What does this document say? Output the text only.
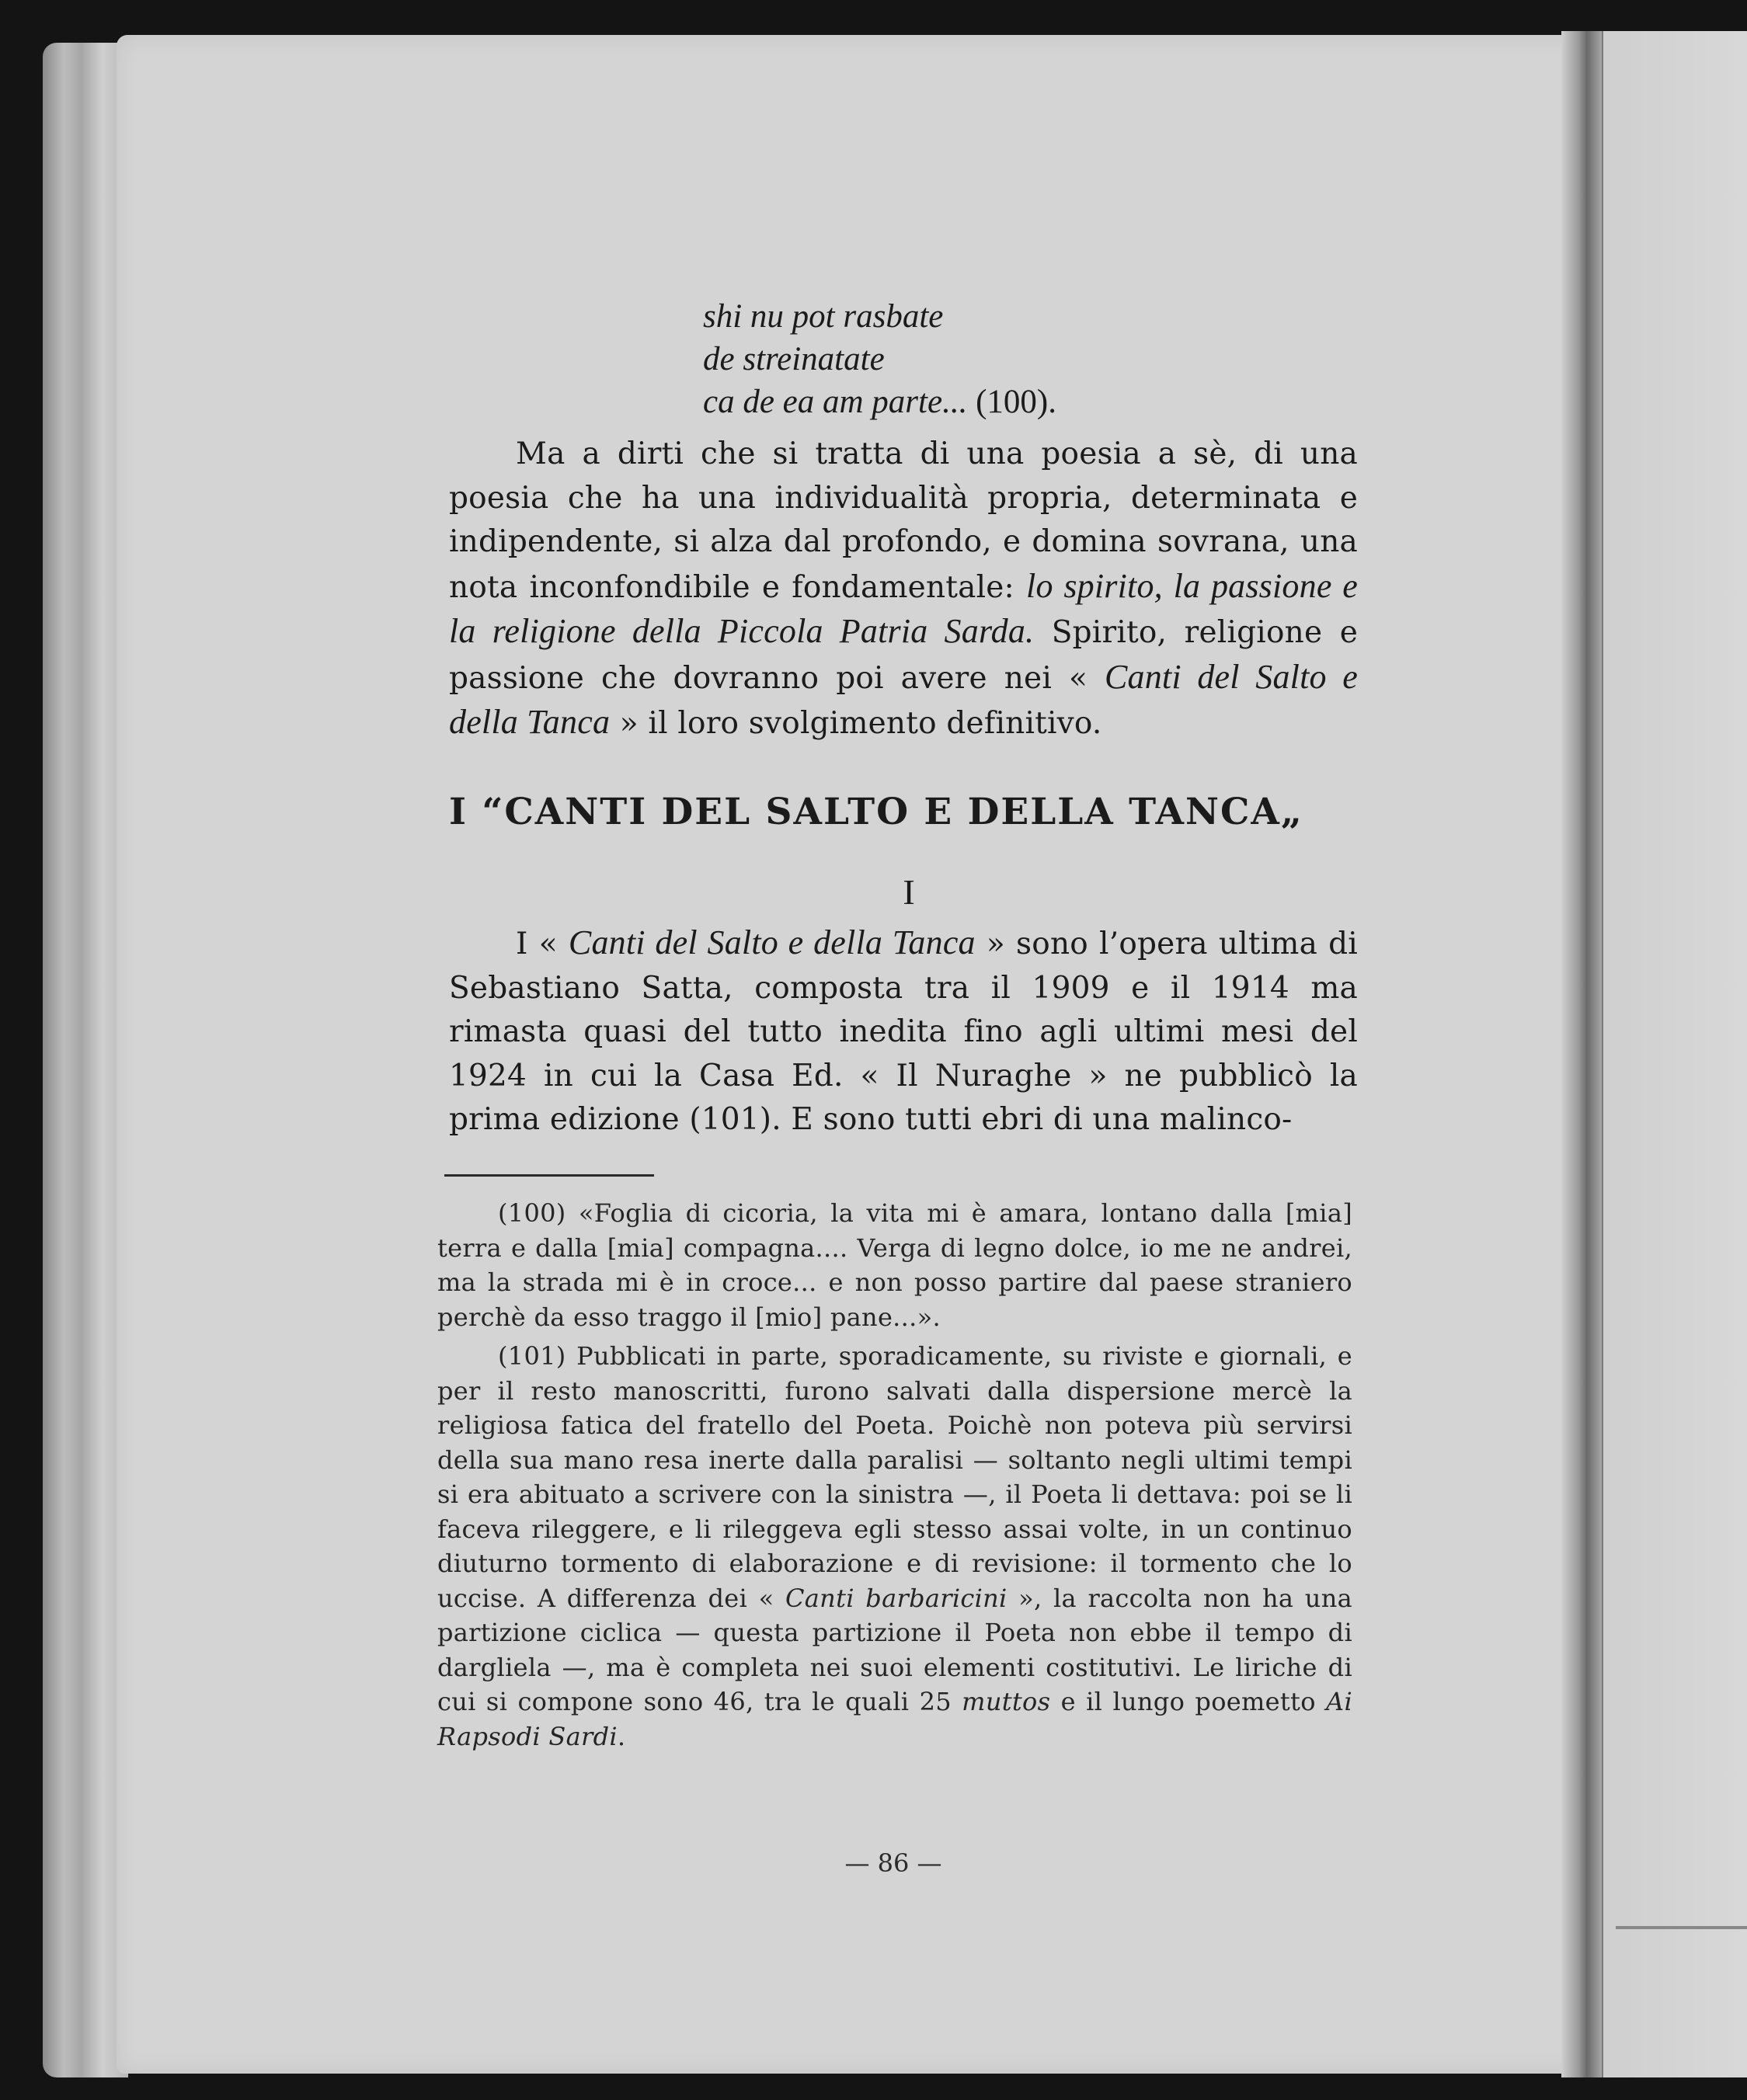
shi nu pot rasbate
de streinatate
ca de ea am parte... (100).

Ma a dirti che si tratta di una poesia a sè, di una poesia che ha una individualità propria, determinata e indipendente, si alza dal profondo, e domina sovrana, una nota inconfondibile e fondamentale: lo spirito, la passione e la religione della Piccola Patria Sarda. Spirito, religione e passione che dovranno poi avere nei « Canti del Salto e della Tanca » il loro svolgimento definitivo.

I “CANTI DEL SALTO E DELLA TANCA„

I

I « Canti del Salto e della Tanca » sono l’opera ultima di Sebastiano Satta, composta tra il 1909 e il 1914 ma rimasta quasi del tutto inedita fino agli ultimi mesi del 1924 in cui la Casa Ed. « Il Nuraghe » ne pubblicò la prima edizione (101). E sono tutti ebri di una malinco-

(100) «Foglia di cicoria, la vita mi è amara, lontano dalla [mia] terra e dalla [mia] compagna.... Verga di legno dolce, io me ne andrei, ma la strada mi è in croce... e non posso partire dal paese straniero perchè da esso traggo il [mio] pane...».

(101) Pubblicati in parte, sporadicamente, su riviste e giornali, e per il resto manoscritti, furono salvati dalla dispersione mercè la religiosa fatica del fratello del Poeta. Poichè non poteva più servirsi della sua mano resa inerte dalla paralisi — soltanto negli ultimi tempi si era abituato a scrivere con la sinistra —, il Poeta li dettava: poi se li faceva rileggere, e li rileggeva egli stesso assai volte, in un continuo diuturno tormento di elaborazione e di revisione: il tormento che lo uccise. A differenza dei « Canti barbaricini », la raccolta non ha una partizione ciclica — questa partizione il Poeta non ebbe il tempo di dargliela —, ma è completa nei suoi elementi costitutivi. Le liriche di cui si compone sono 46, tra le quali 25 muttos e il lungo poemetto Ai Rapsodi Sardi.

— 86 —
